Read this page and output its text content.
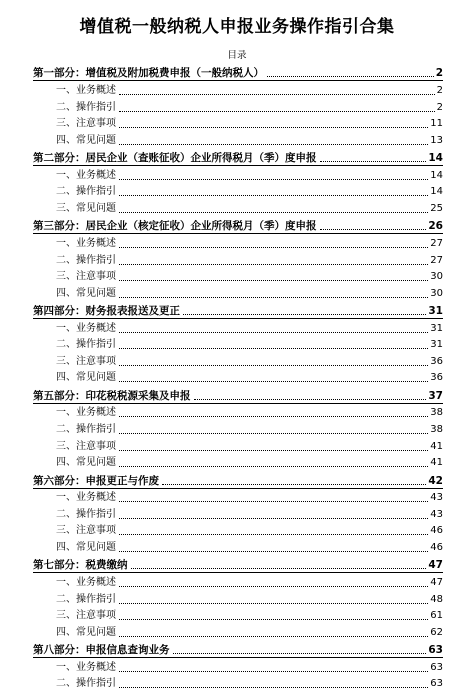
增值税一般纳税人申报业务操作指引合集
目录
第一部分：增值税及附加税费申报（一般纳税人）	2
一、业务概述	2
二、操作指引	2
三、注意事项	11
四、常见问题	13
第二部分：居民企业（查账征收）企业所得税月（季）度申报	14
一、业务概述	14
二、操作指引	14
三、常见问题	25
第三部分：居民企业（核定征收）企业所得税月（季）度申报	26
一、业务概述	27
二、操作指引	27
三、注意事项	30
四、常见问题	30
第四部分：财务报表报送及更正	31
一、业务概述	31
二、操作指引	31
三、注意事项	36
四、常见问题	36
第五部分：印花税税源采集及申报	37
一、业务概述	38
二、操作指引	38
三、注意事项	41
四、常见问题	41
第六部分：申报更正与作废	42
一、业务概述	43
二、操作指引	43
三、注意事项	46
四、常见问题	46
第七部分：税费缴纳	47
一、业务概述	47
二、操作指引	48
三、注意事项	61
四、常见问题	62
第八部分：申报信息查询业务	63
一、业务概述	63
二、操作指引	63
